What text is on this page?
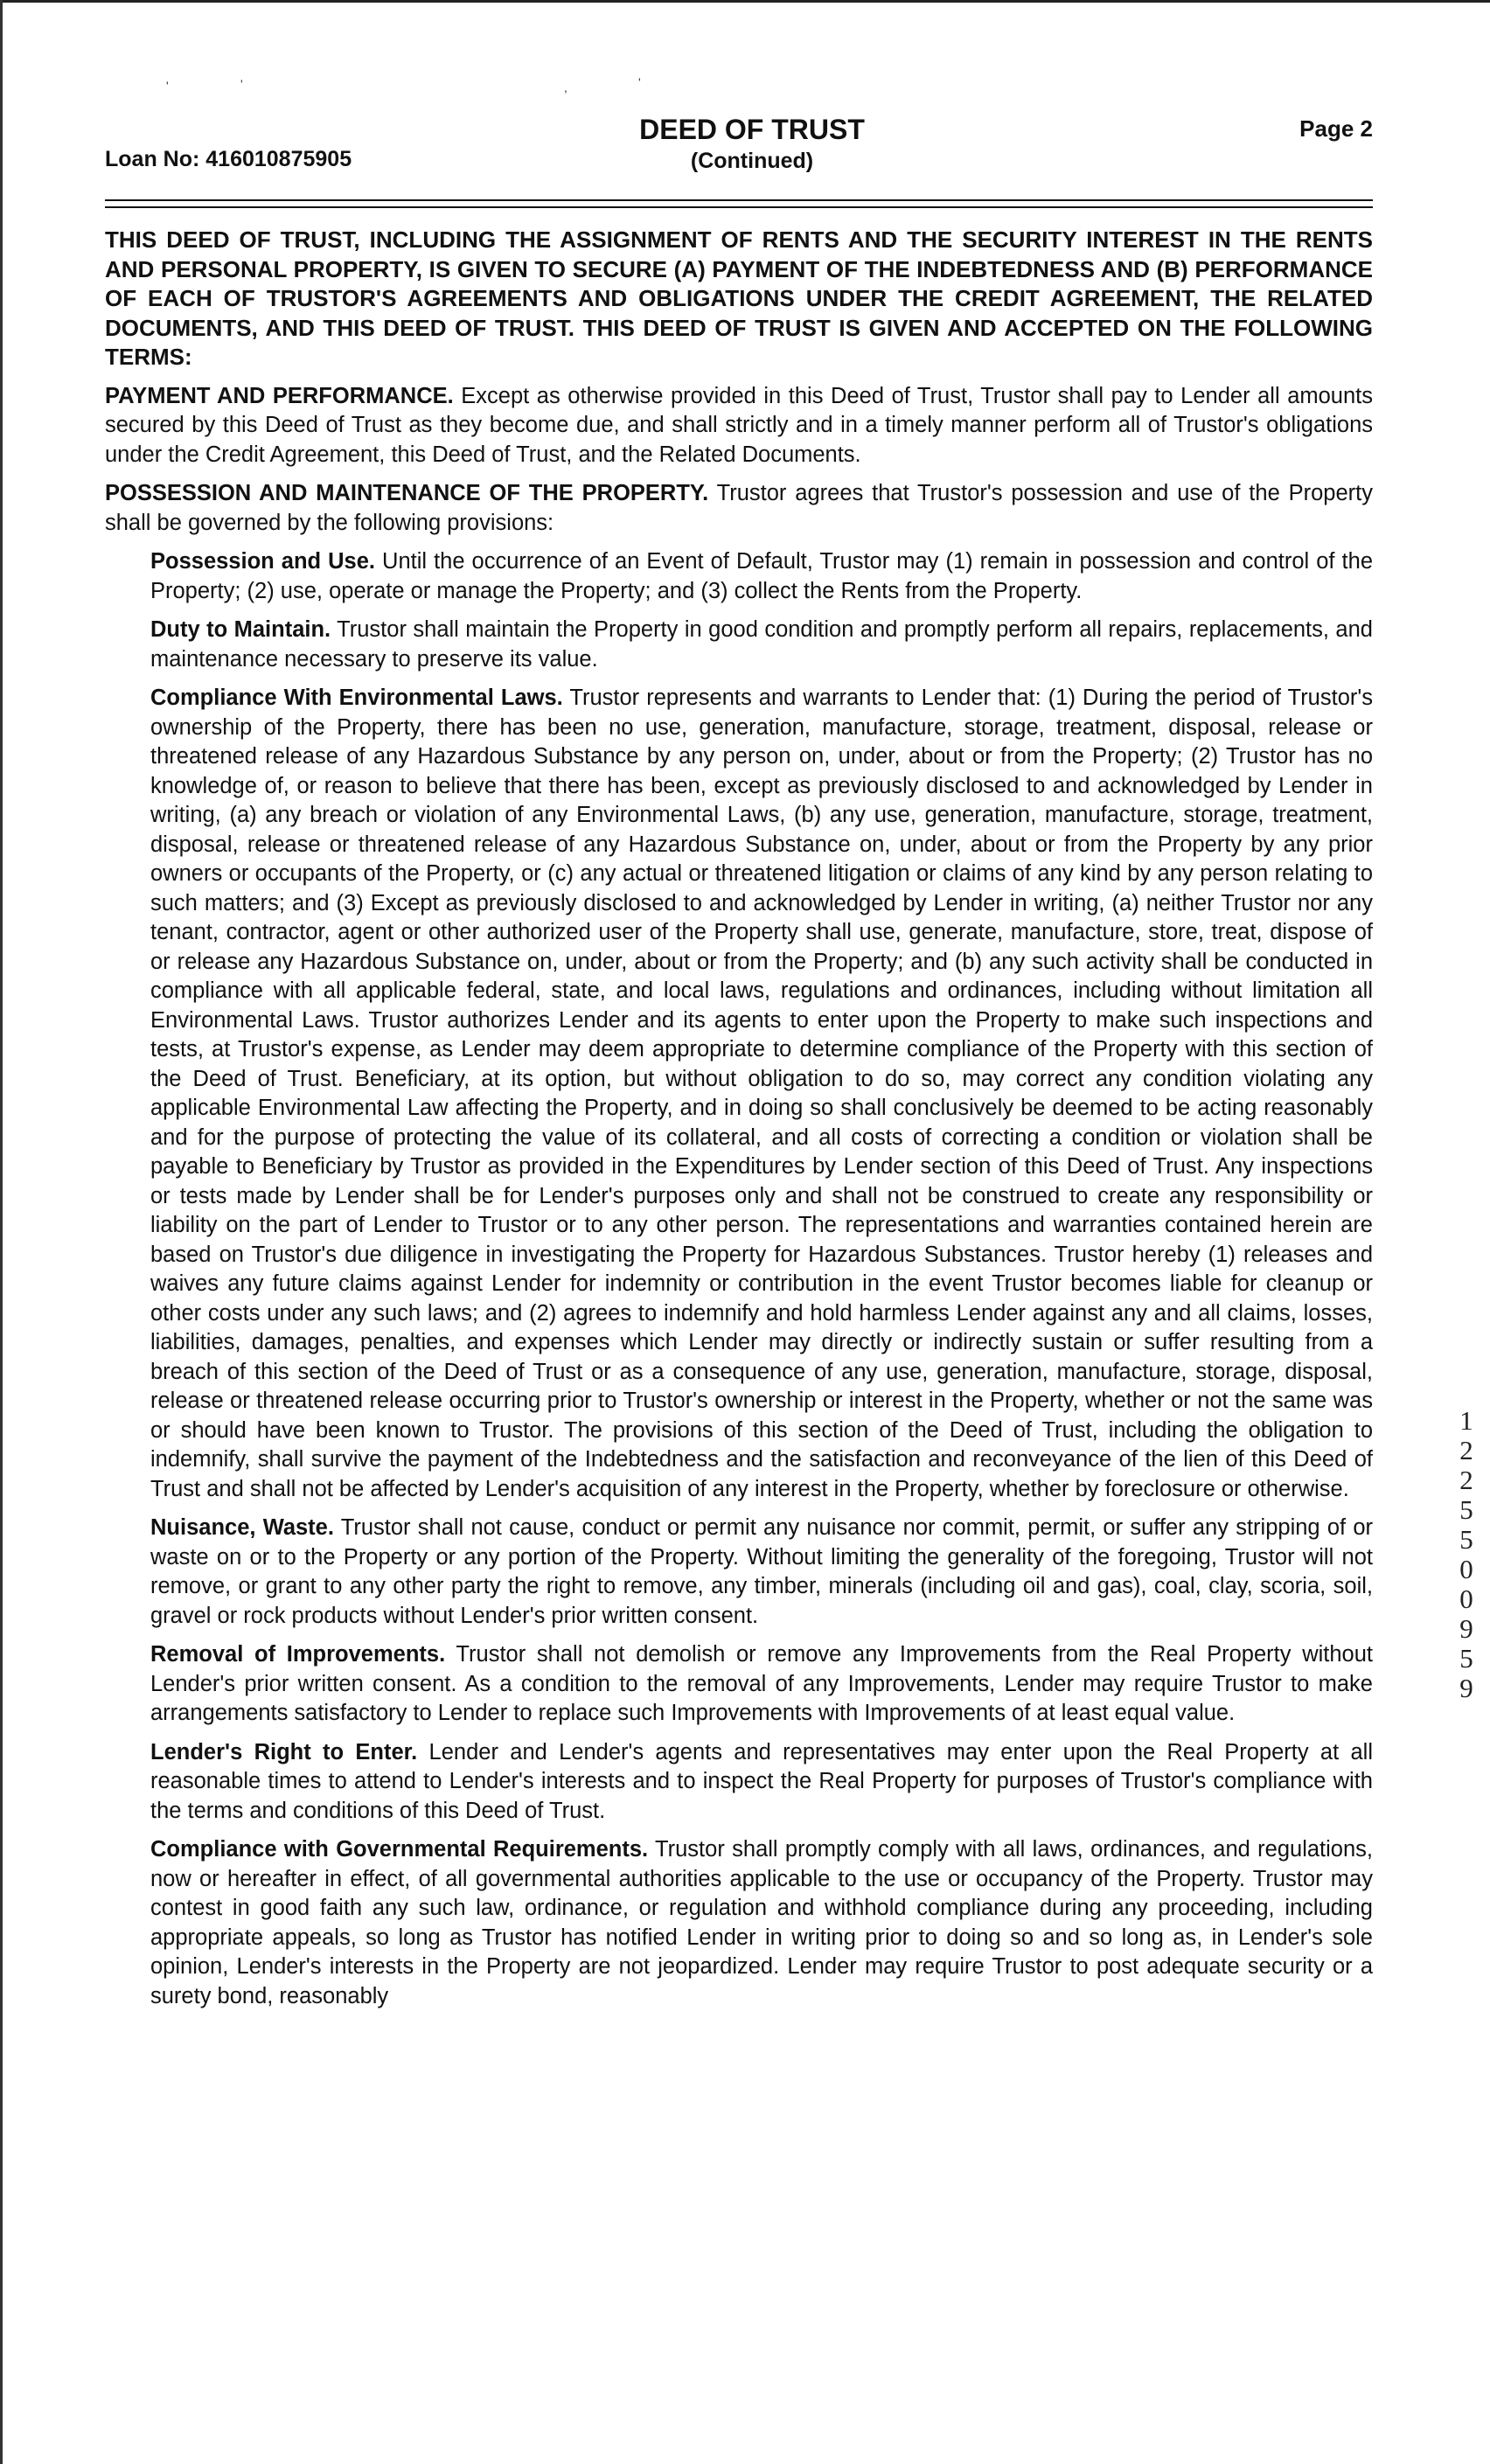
'	'	,	'
Loan No: 416010875905
DEED OF TRUST
(Continued)
Page 2

THIS DEED OF TRUST, INCLUDING THE ASSIGNMENT OF RENTS AND THE SECURITY INTEREST IN THE RENTS AND PERSONAL PROPERTY, IS GIVEN TO SECURE (A) PAYMENT OF THE INDEBTEDNESS AND (B) PERFORMANCE OF EACH OF TRUSTOR'S AGREEMENTS AND OBLIGATIONS UNDER THE CREDIT AGREEMENT, THE RELATED DOCUMENTS, AND THIS DEED OF TRUST. THIS DEED OF TRUST IS GIVEN AND ACCEPTED ON THE FOLLOWING TERMS:

PAYMENT AND PERFORMANCE. Except as otherwise provided in this Deed of Trust, Trustor shall pay to Lender all amounts secured by this Deed of Trust as they become due, and shall strictly and in a timely manner perform all of Trustor's obligations under the Credit Agreement, this Deed of Trust, and the Related Documents.

POSSESSION AND MAINTENANCE OF THE PROPERTY. Trustor agrees that Trustor's possession and use of the Property shall be governed by the following provisions:

Possession and Use. Until the occurrence of an Event of Default, Trustor may (1) remain in possession and control of the Property; (2) use, operate or manage the Property; and (3) collect the Rents from the Property.

Duty to Maintain. Trustor shall maintain the Property in good condition and promptly perform all repairs, replacements, and maintenance necessary to preserve its value.

Compliance With Environmental Laws. Trustor represents and warrants to Lender that: (1) During the period of Trustor's ownership of the Property, there has been no use, generation, manufacture, storage, treatment, disposal, release or threatened release of any Hazardous Substance by any person on, under, about or from the Property; (2) Trustor has no knowledge of, or reason to believe that there has been, except as previously disclosed to and acknowledged by Lender in writing, (a) any breach or violation of any Environmental Laws, (b) any use, generation, manufacture, storage, treatment, disposal, release or threatened release of any Hazardous Substance on, under, about or from the Property by any prior owners or occupants of the Property, or (c) any actual or threatened litigation or claims of any kind by any person relating to such matters; and (3) Except as previously disclosed to and acknowledged by Lender in writing, (a) neither Trustor nor any tenant, contractor, agent or other authorized user of the Property shall use, generate, manufacture, store, treat, dispose of or release any Hazardous Substance on, under, about or from the Property; and (b) any such activity shall be conducted in compliance with all applicable federal, state, and local laws, regulations and ordinances, including without limitation all Environmental Laws. Trustor authorizes Lender and its agents to enter upon the Property to make such inspections and tests, at Trustor's expense, as Lender may deem appropriate to determine compliance of the Property with this section of the Deed of Trust. Beneficiary, at its option, but without obligation to do so, may correct any condition violating any applicable Environmental Law affecting the Property, and in doing so shall conclusively be deemed to be acting reasonably and for the purpose of protecting the value of its collateral, and all costs of correcting a condition or violation shall be payable to Beneficiary by Trustor as provided in the Expenditures by Lender section of this Deed of Trust. Any inspections or tests made by Lender shall be for Lender's purposes only and shall not be construed to create any responsibility or liability on the part of Lender to Trustor or to any other person. The representations and warranties contained herein are based on Trustor's due diligence in investigating the Property for Hazardous Substances. Trustor hereby (1) releases and waives any future claims against Lender for indemnity or contribution in the event Trustor becomes liable for cleanup or other costs under any such laws; and (2) agrees to indemnify and hold harmless Lender against any and all claims, losses, liabilities, damages, penalties, and expenses which Lender may directly or indirectly sustain or suffer resulting from a breach of this section of the Deed of Trust or as a consequence of any use, generation, manufacture, storage, disposal, release or threatened release occurring prior to Trustor's ownership or interest in the Property, whether or not the same was or should have been known to Trustor. The provisions of this section of the Deed of Trust, including the obligation to indemnify, shall survive the payment of the Indebtedness and the satisfaction and reconveyance of the lien of this Deed of Trust and shall not be affected by Lender's acquisition of any interest in the Property, whether by foreclosure or otherwise.

Nuisance, Waste. Trustor shall not cause, conduct or permit any nuisance nor commit, permit, or suffer any stripping of or waste on or to the Property or any portion of the Property. Without limiting the generality of the foregoing, Trustor will not remove, or grant to any other party the right to remove, any timber, minerals (including oil and gas), coal, clay, scoria, soil, gravel or rock products without Lender's prior written consent.

Removal of Improvements. Trustor shall not demolish or remove any Improvements from the Real Property without Lender's prior written consent. As a condition to the removal of any Improvements, Lender may require Trustor to make arrangements satisfactory to Lender to replace such Improvements with Improvements of at least equal value.

Lender's Right to Enter. Lender and Lender's agents and representatives may enter upon the Real Property at all reasonable times to attend to Lender's interests and to inspect the Real Property for purposes of Trustor's compliance with the terms and conditions of this Deed of Trust.

Compliance with Governmental Requirements. Trustor shall promptly comply with all laws, ordinances, and regulations, now or hereafter in effect, of all governmental authorities applicable to the use or occupancy of the Property. Trustor may contest in good faith any such law, ordinance, or regulation and withhold compliance during any proceeding, including appropriate appeals, so long as Trustor has notified Lender in writing prior to doing so and so long as, in Lender's sole opinion, Lender's interests in the Property are not jeopardized. Lender may require Trustor to post adequate security or a surety bond, reasonably

1225500959
